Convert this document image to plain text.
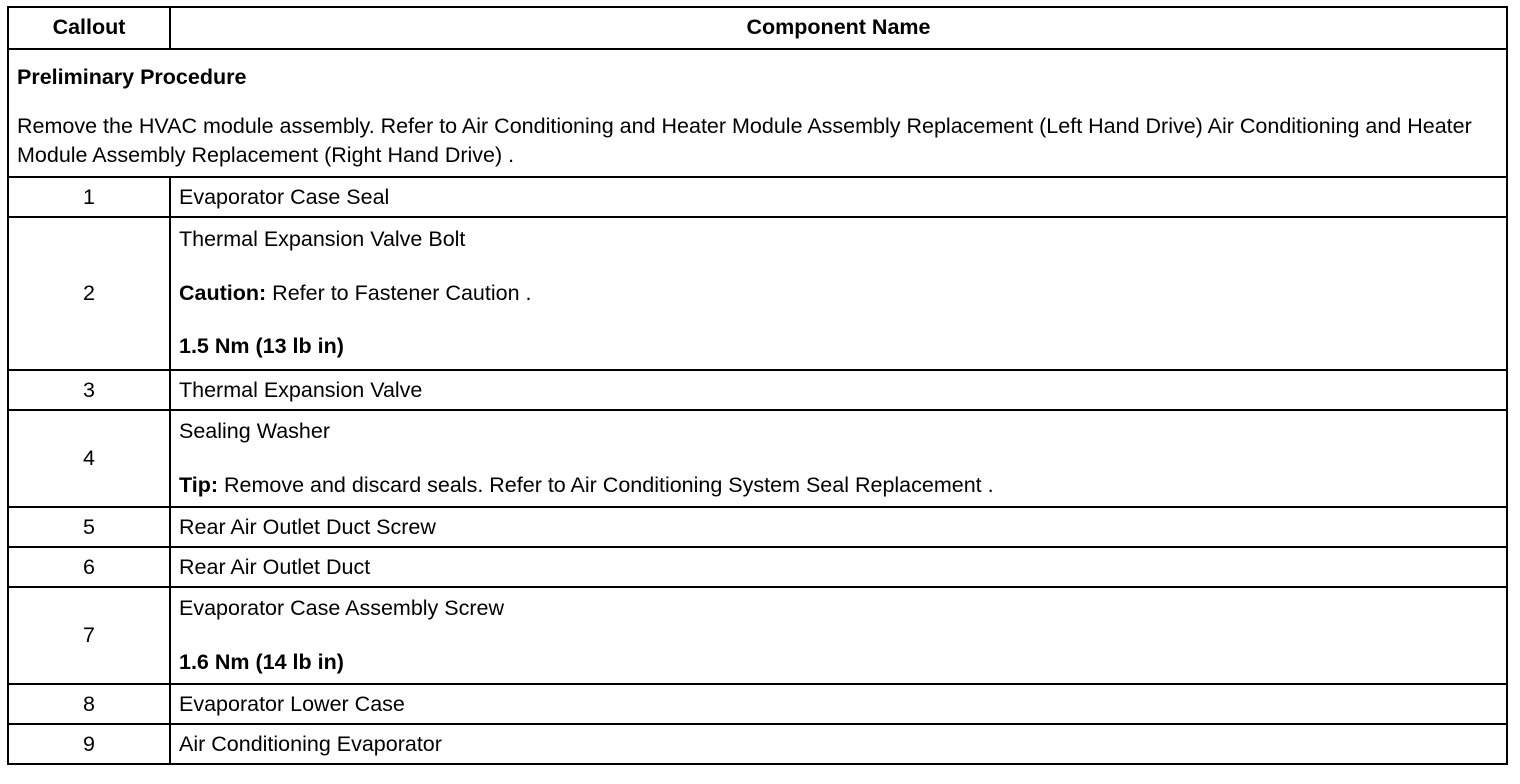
Callout	Component Name

Preliminary Procedure
Remove the HVAC module assembly. Refer to Air Conditioning and Heater Module Assembly Replacement (Left Hand Drive) Air Conditioning and Heater Module Assembly Replacement (Right Hand Drive) .	

1	Evaporator Case Seal
2	Thermal Expansion Valve Bolt
Caution: Refer to Fastener Caution .
1.5 Nm (13 lb in)

3	Thermal Expansion Valve
4	Sealing Washer
Tip: Remove and discard seals. Refer to Air Conditioning System Seal Replacement .

5	Rear Air Outlet Duct Screw
6	Rear Air Outlet Duct
7	Evaporator Case Assembly Screw
1.6 Nm (14 lb in)

8	Evaporator Lower Case
9	Air Conditioning Evaporator
